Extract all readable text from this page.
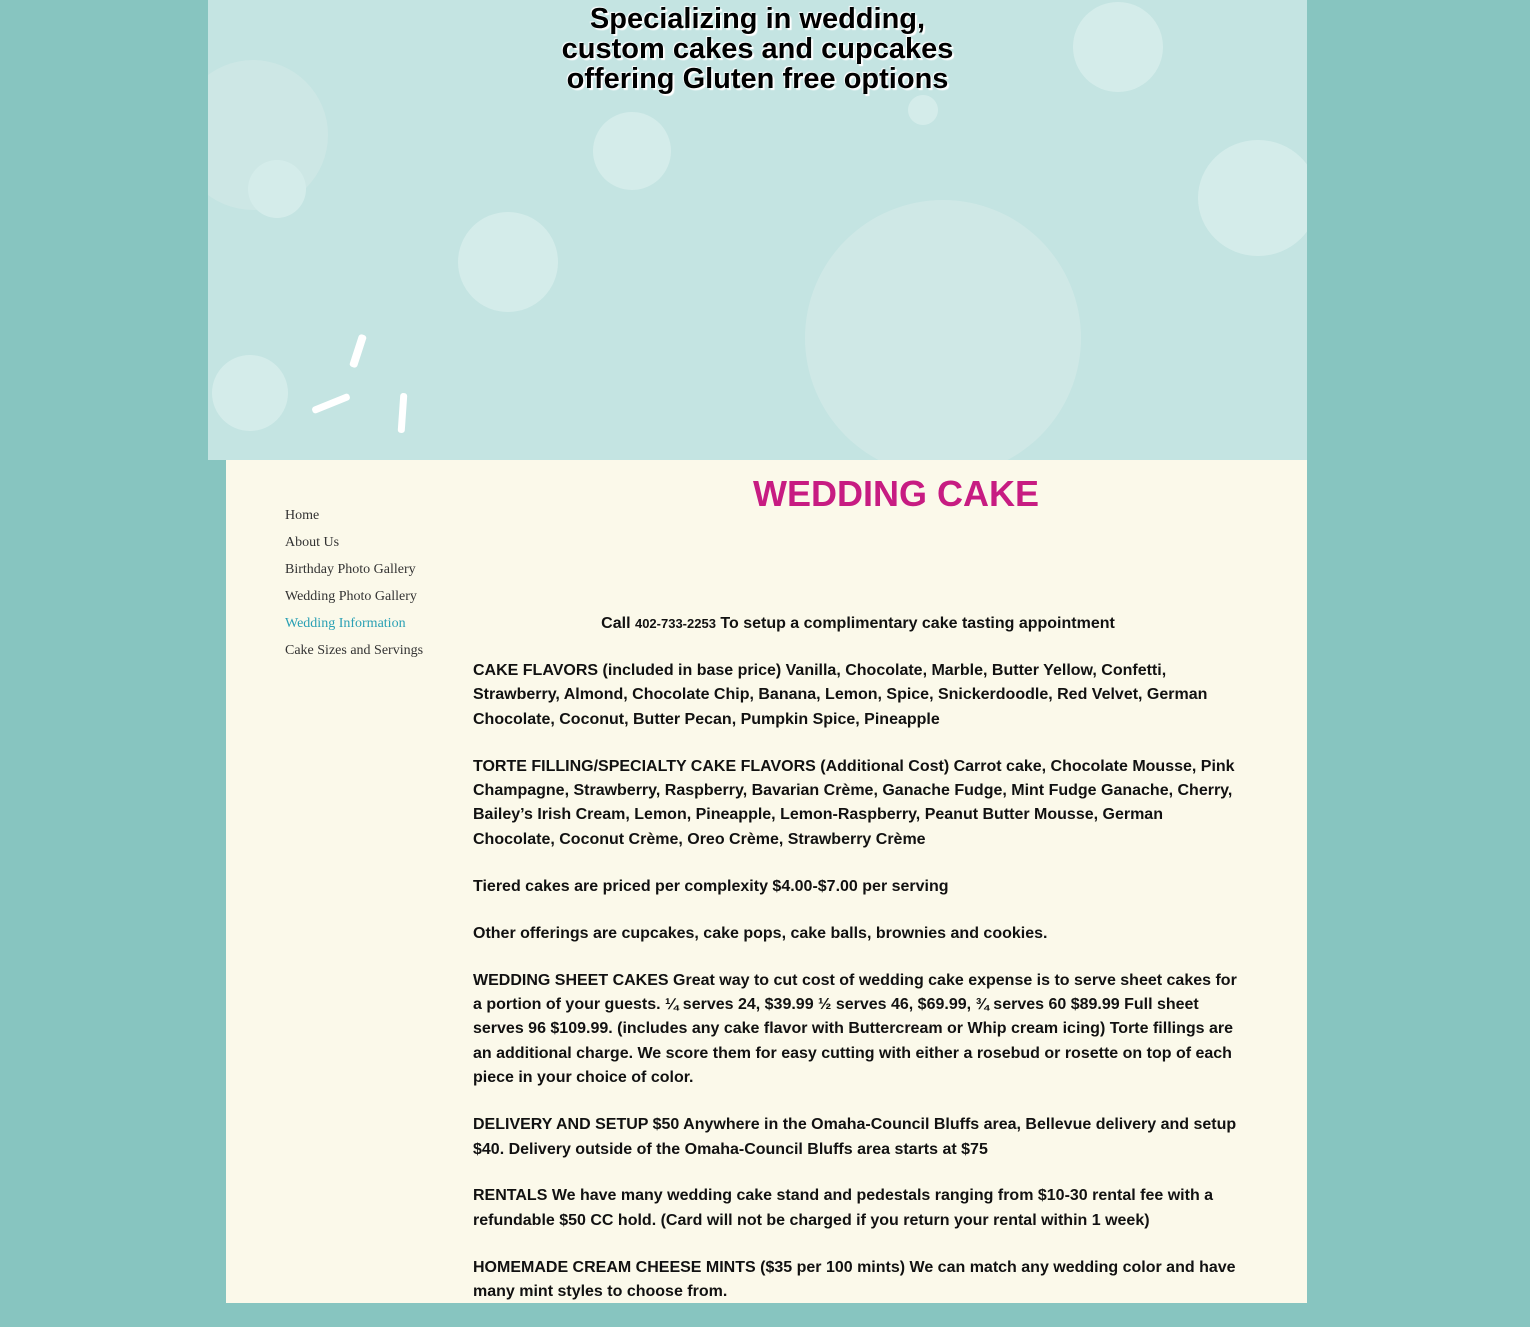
Specializing in wedding,
custom cakes and cupcakes
offering Gluten free options
Home
About Us
Birthday Photo Gallery
Wedding Photo Gallery
Wedding Information
Cake Sizes and Servings
WEDDING CAKE

Call 402-733-2253 To setup a complimentary cake tasting appointment

CAKE FLAVORS (included in base price) Vanilla, Chocolate, Marble, Butter Yellow, Confetti, Strawberry, Almond, Chocolate Chip, Banana, Lemon, Spice, Snickerdoodle, Red Velvet, German Chocolate, Coconut, Butter Pecan, Pumpkin Spice, Pineapple

TORTE FILLING/SPECIALTY CAKE FLAVORS (Additional Cost) Carrot cake, Chocolate Mousse, Pink Champagne, Strawberry, Raspberry, Bavarian Crème, Ganache Fudge, Mint Fudge Ganache, Cherry, Bailey’s Irish Cream, Lemon, Pineapple, Lemon-Raspberry, Peanut Butter Mousse, German Chocolate, Coconut Crème, Oreo Crème, Strawberry Crème

Tiered cakes are priced per complexity $4.00-$7.00 per serving

Other offerings are cupcakes, cake pops, cake balls, brownies and cookies.

WEDDING SHEET CAKES Great way to cut cost of wedding cake expense is to serve sheet cakes for a portion of your guests. ¼ serves 24, $39.99 ½ serves 46, $69.99, ¾ serves 60 $89.99 Full sheet serves 96 $109.99. (includes any cake flavor with Buttercream or Whip cream icing) Torte fillings are an additional charge. We score them for easy cutting with either a rosebud or rosette on top of each piece in your choice of color.

DELIVERY AND SETUP $50 Anywhere in the Omaha-Council Bluffs area, Bellevue delivery and setup $40. Delivery outside of the Omaha-Council Bluffs area starts at $75

RENTALS We have many wedding cake stand and pedestals ranging from $10-30 rental fee with a refundable $50 CC hold. (Card will not be charged if you return your rental within 1 week)

HOMEMADE CREAM CHEESE MINTS ($35 per 100 mints) We can match any wedding color and have many mint styles to choose from.
